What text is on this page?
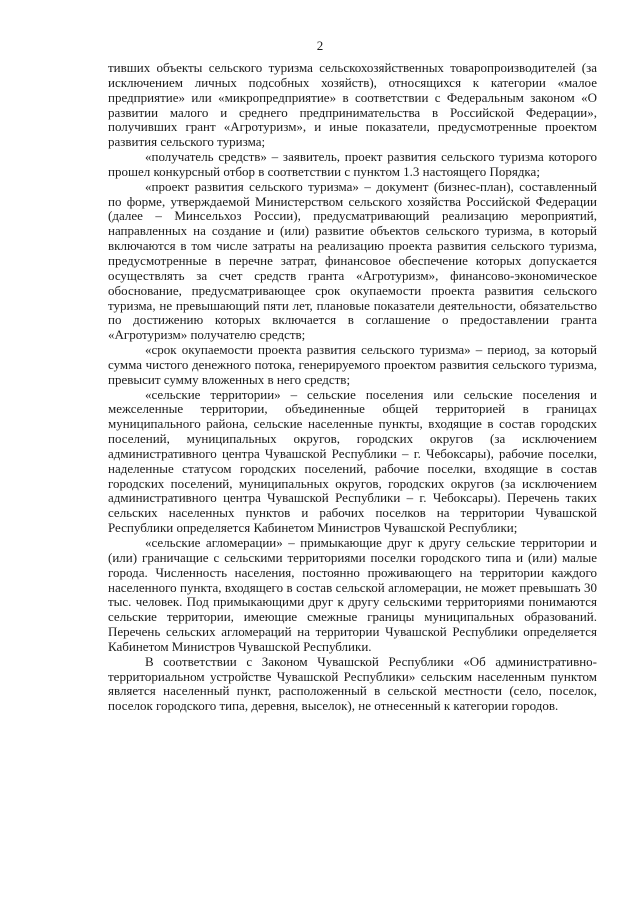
2

тивших объекты сельского туризма сельскохозяйственных товаропроизводителей (за исключением личных подсобных хозяйств), относящихся к категории «малое предприятие» или «микропредприятие» в соответствии с Федеральным законом «О развитии малого и среднего предпринимательства в Российской Федерации», получивших грант «Агротуризм», и иные показатели, предусмотренные проектом развития сельского туризма;

«получатель средств» – заявитель, проект развития сельского туризма которого прошел конкурсный отбор в соответствии с пунктом 1.3 настоящего Порядка;

«проект развития сельского туризма» – документ (бизнес-план), составленный по форме, утверждаемой Министерством сельского хозяйства Российской Федерации (далее – Минсельхоз России), предусматривающий реализацию мероприятий, направленных на создание и (или) развитие объектов сельского туризма, в который включаются в том числе затраты на реализацию проекта развития сельского туризма, предусмотренные в перечне затрат, финансовое обеспечение которых допускается осуществлять за счет средств гранта «Агротуризм», финансово-экономическое обоснование, предусматривающее срок окупаемости проекта развития сельского туризма, не превышающий пяти лет, плановые показатели деятельности, обязательство по достижению которых включается в соглашение о предоставлении гранта «Агротуризм» получателю средств;

«срок окупаемости проекта развития сельского туризма» – период, за который сумма чистого денежного потока, генерируемого проектом развития сельского туризма, превысит сумму вложенных в него средств;

«сельские территории» – сельские поселения или сельские поселения и межселенные территории, объединенные общей территорией в границах муниципального района, сельские населенные пункты, входящие в состав городских поселений, муниципальных округов, городских округов (за исключением административного центра Чувашской Республики – г. Чебоксары), рабочие поселки, наделенные статусом городских поселений, рабочие поселки, входящие в состав городских поселений, муниципальных округов, городских округов (за исключением административного центра Чувашской Республики – г. Чебоксары). Перечень таких сельских населенных пунктов и рабочих поселков на территории Чувашской Республики определяется Кабинетом Министров Чувашской Республики;

«сельские агломерации» – примыкающие друг к другу сельские территории и (или) граничащие с сельскими территориями поселки городского типа и (или) малые города. Численность населения, постоянно проживающего на территории каждого населенного пункта, входящего в состав сельской агломерации, не может превышать 30 тыс. человек. Под примыкающими друг к другу сельскими территориями понимаются сельские территории, имеющие смежные границы муниципальных образований. Перечень сельских агломераций на территории Чувашской Республики определяется Кабинетом Министров Чувашской Республики.

В соответствии с Законом Чувашской Республики «Об административно-территориальном устройстве Чувашской Республики» сельским населенным пунктом является населенный пункт, расположенный в сельской местности (село, поселок, поселок городского типа, деревня, выселок), не отнесенный к категории городов.
